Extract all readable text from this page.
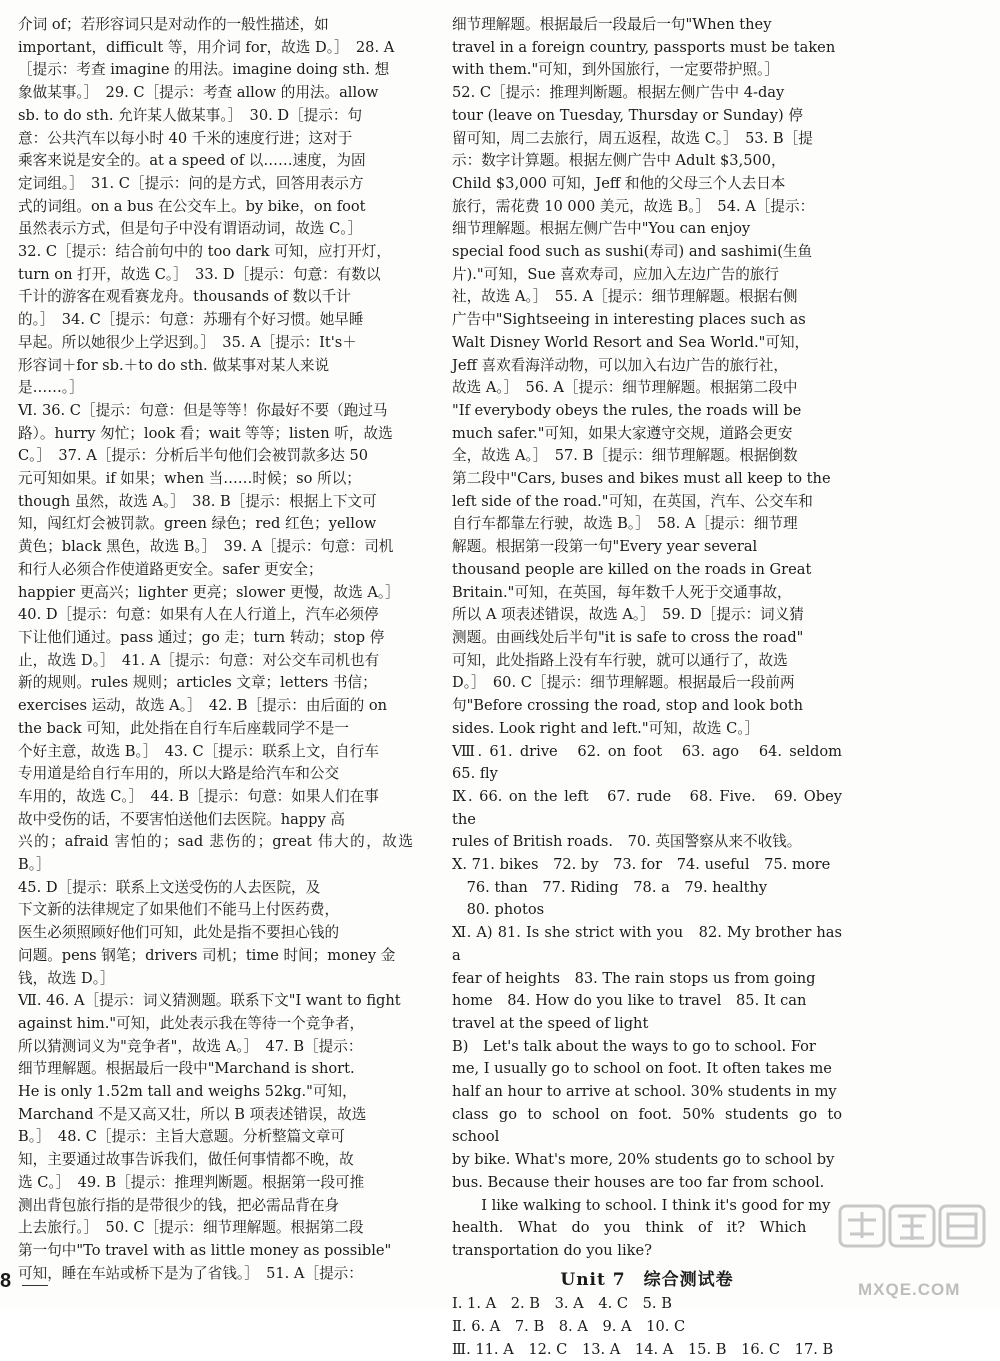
介词 of；若形容词只是对动作的一般性描述，如

important，difficult 等，用介词 for，故选 D。］　28. A

［提示：考查 imagine 的用法。imagine doing sth. 想

象做某事。］　29. C［提示：考查 allow 的用法。allow

sb. to do sth. 允许某人做某事。］　30. D［提示：句

意：公共汽车以每小时 40 千米的速度行进；这对于

乘客来说是安全的。at a speed of 以……速度，为固

定词组。］　31. C［提示：问的是方式，回答用表示方

式的词组。on a bus 在公交车上。by bike，on foot

虽然表示方式，但是句子中没有谓语动词，故选 C。］

32. C［提示：结合前句中的 too dark 可知，应打开灯，

turn on 打开，故选 C。］　33. D［提示：句意：有数以

千计的游客在观看赛龙舟。thousands of 数以千计

的。］　34. C［提示：句意：苏珊有个好习惯。她早睡

早起。所以她很少上学迟到。］　35. A［提示：It's＋

形容词＋for sb.＋to do sth. 做某事对某人来说

是……。］

Ⅵ. 36. C［提示：句意：但是等等！你最好不要（跑过马

路）。hurry 匆忙；look 看；wait 等等；listen 听，故选

C。］　37. A［提示：分析后半句他们会被罚款多达 50

元可知如果。if 如果；when 当……时候；so 所以；

though 虽然，故选 A。］　38. B［提示：根据上下文可

知，闯红灯会被罚款。green 绿色；red 红色；yellow

黄色；black 黑色，故选 B。］　39. A［提示：句意：司机

和行人必须合作使道路更安全。safer 更安全；

happier 更高兴；lighter 更亮；slower 更慢，故选 A。］

40. D［提示：句意：如果有人在人行道上，汽车必须停

下让他们通过。pass 通过；go 走；turn 转动；stop 停

止，故选 D。］　41. A［提示：句意：对公交车司机也有

新的规则。rules 规则；articles 文章；letters 书信；

exercises 运动，故选 A。］　42. B［提示：由后面的 on

the back 可知，此处指在自行车后座载同学不是一

个好主意，故选 B。］　43. C［提示：联系上文，自行车

专用道是给自行车用的，所以大路是给汽车和公交

车用的，故选 C。］　44. B［提示：句意：如果人们在事

故中受伤的话，不要害怕送他们去医院。happy 高

兴的；afraid 害怕的；sad 悲伤的；great 伟大的，故选 B。］

45. D［提示：联系上文送受伤的人去医院，及

下文新的法律规定了如果他们不能马上付医药费，

医生必须照顾好他们可知，此处是指不要担心钱的

问题。pens 钢笔；drivers 司机；time 时间；money 金

钱，故选 D。］

Ⅶ. 46. A［提示：词义猜测题。联系下文"I want to fight

against him."可知，此处表示我在等待一个竞争者，

所以猜测词义为"竞争者"，故选 A。］　47. B［提示：

细节理解题。根据最后一段中"Marchand is short.

He is only 1.52m tall and weighs 52kg."可知，

Marchand 不是又高又壮，所以 B 项表述错误，故选

B。］　48. C［提示：主旨大意题。分析整篇文章可

知，主要通过故事告诉我们，做任何事情都不晚，故

选 C。］　49. B［提示：推理判断题。根据第一段可推

测出背包旅行指的是带很少的钱，把必需品背在身

上去旅行。］　50. C［提示：细节理解题。根据第二段

第一句中"To travel with as little money as possible"

可知，睡在车站或桥下是为了省钱。］　51. A［提示：

细节理解题。根据最后一段最后一句"When they

travel in a foreign country, passports must be taken

with them."可知，到外国旅行，一定要带护照。］

52. C［提示：推理判断题。根据左侧广告中 4-day

tour (leave on Tuesday, Thursday or Sunday) 停

留可知，周二去旅行，周五返程，故选 C。］　53. B［提

示：数字计算题。根据左侧广告中 Adult $3,500，

Child $3,000 可知，Jeff 和他的父母三个人去日本

旅行，需花费 10 000 美元，故选 B。］　54. A［提示：

细节理解题。根据左侧广告中"You can enjoy

special food such as sushi(寿司) and sashimi(生鱼

片)."可知，Sue 喜欢寿司，应加入左边广告的旅行

社，故选 A。］　55. A［提示：细节理解题。根据右侧

广告中"Sightseeing in interesting places such as

Walt Disney World Resort and Sea World."可知，

Jeff 喜欢看海洋动物，可以加入右边广告的旅行社，

故选 A。］　56. A［提示：细节理解题。根据第二段中

"If everybody obeys the rules, the roads will be

much safer."可知，如果大家遵守交规，道路会更安

全，故选 A。］　57. B［提示：细节理解题。根据倒数

第二段中"Cars, buses and bikes must all keep to the

left side of the road."可知，在英国，汽车、公交车和

自行车都靠左行驶，故选 B。］　58. A［提示：细节理

解题。根据第一段第一句"Every year several

thousand people are killed on the roads in Great

Britain."可知，在英国，每年数千人死于交通事故，

所以 A 项表述错误，故选 A。］　59. D［提示：词义猜

测题。由画线处后半句"it is safe to cross the road"

可知，此处指路上没有车行驶，就可以通行了，故选

D。］　60. C［提示：细节理解题。根据最后一段前两

句"Before crossing the road, stop and look both

sides. Look right and left."可知，故选 C。］

Ⅷ. 61. drive　62. on foot　63. ago　64. seldom　65. fly

Ⅸ. 66. on the left　67. rude　68. Five.　69. Obey the

rules of British roads.　70. 英国警察从来不收钱。

Ⅹ. 71. bikes　72. by　73. for　74. useful　75. more

　76. than　77. Riding　78. a　79. healthy

　80. photos

Ⅺ. A) 81. Is she strict with you　82. My brother has a

fear of heights　83. The rain stops us from going

home　84. How do you like to travel　85. It can

travel at the speed of light

B)　Let's talk about the ways to go to school. For

me, I usually go to school on foot. It often takes me

half an hour to arrive at school. 30% students in my

class go to school on foot. 50% students go to school

by bike. What's more, 20% students go to school by

bus. Because their houses are too far from school.

　　I like walking to school. I think it's good for my

health.　What　do　you　think　of　it?　Which

transportation do you like?

Unit 7　综合测试卷

Ⅰ. 1. A　2. B　3. A　4. C　5. B

Ⅱ. 6. A　7. B　8. A　9. A　10. C

Ⅲ. 11. A　12. C　13. A　14. A　15. B　16. C　17. B

8	MXQE.COM
